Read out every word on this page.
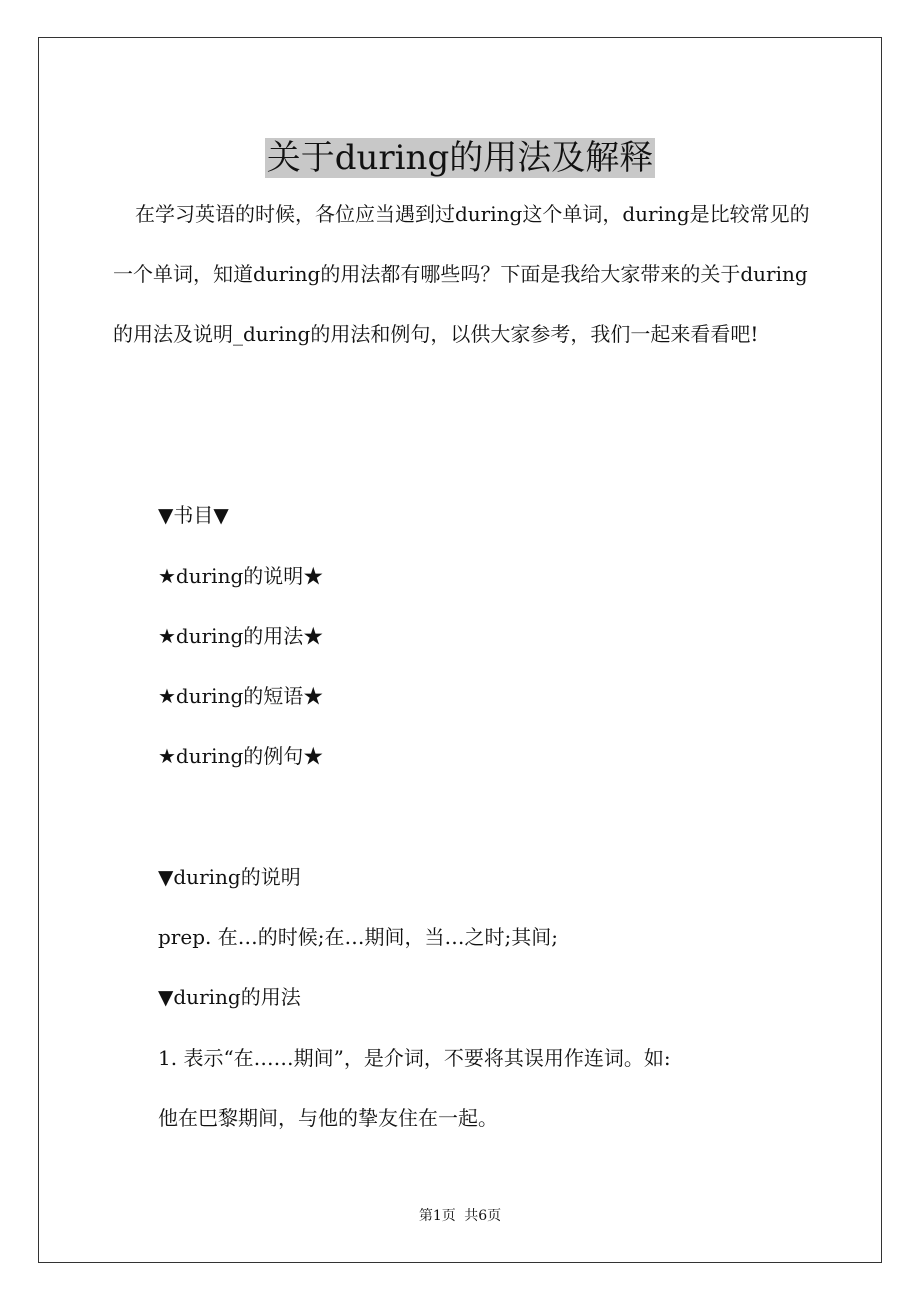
关于during的用法及解释

在学习英语的时候，各位应当遇到过during这个单词，during是比较常见的一个单词，知道during的用法都有哪些吗？下面是我给大家带来的关于during的用法及说明_during的用法和例句，以供大家参考，我们一起来看看吧!

▼书目▼

★during的说明★

★during的用法★

★during的短语★

★during的例句★

▼during的说明

prep. 在…的时候;在…期间，当…之时;其间;

▼during的用法

1. 表示“在……期间”，是介词，不要将其误用作连词。如:

他在巴黎期间，与他的挚友住在一起。

第1页 共6页
